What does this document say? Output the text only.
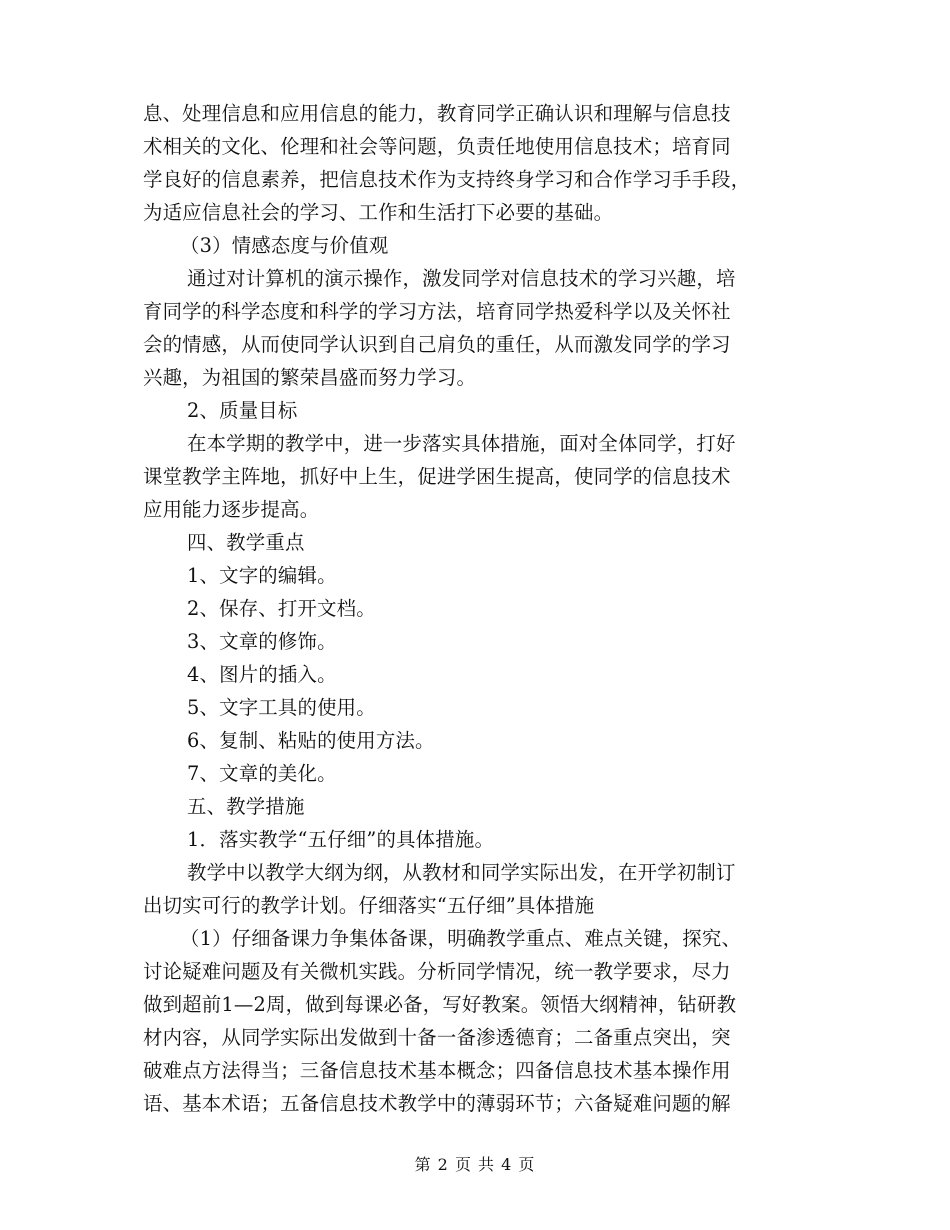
息、处理信息和应用信息的能力，教育同学正确认识和理解与信息技
术相关的文化、伦理和社会等问题，负责任地使用信息技术；培育同
学良好的信息素养，把信息技术作为支持终身学习和合作学习手手段，
为适应信息社会的学习、工作和生活打下必要的基础。
（3）情感态度与价值观
通过对计算机的演示操作，激发同学对信息技术的学习兴趣，培
育同学的科学态度和科学的学习方法，培育同学热爱科学以及关怀社
会的情感，从而使同学认识到自己肩负的重任，从而激发同学的学习
兴趣，为祖国的繁荣昌盛而努力学习。
2、质量目标
在本学期的教学中，进一步落实具体措施，面对全体同学，打好
课堂教学主阵地，抓好中上生，促进学困生提高，使同学的信息技术
应用能力逐步提高。
四、教学重点
1、文字的编辑。
2、保存、打开文档。
3、文章的修饰。
4、图片的插入。
5、文字工具的使用。
6、复制、粘贴的使用方法。
7、文章的美化。
五、教学措施
1．落实教学“五仔细”的具体措施。
教学中以教学大纲为纲，从教材和同学实际出发，在开学初制订
出切实可行的教学计划。仔细落实“五仔细”具体措施
（1）仔细备课力争集体备课，明确教学重点、难点关键，探究、
讨论疑难问题及有关微机实践。分析同学情况，统一教学要求，尽力
做到超前1—2周，做到每课必备，写好教案。领悟大纲精神，钻研教
材内容，从同学实际出发做到十备一备渗透德育；二备重点突出，突
破难点方法得当；三备信息技术基本概念；四备信息技术基本操作用
语、基本术语；五备信息技术教学中的薄弱环节；六备疑难问题的解
第 2 页 共 4 页
